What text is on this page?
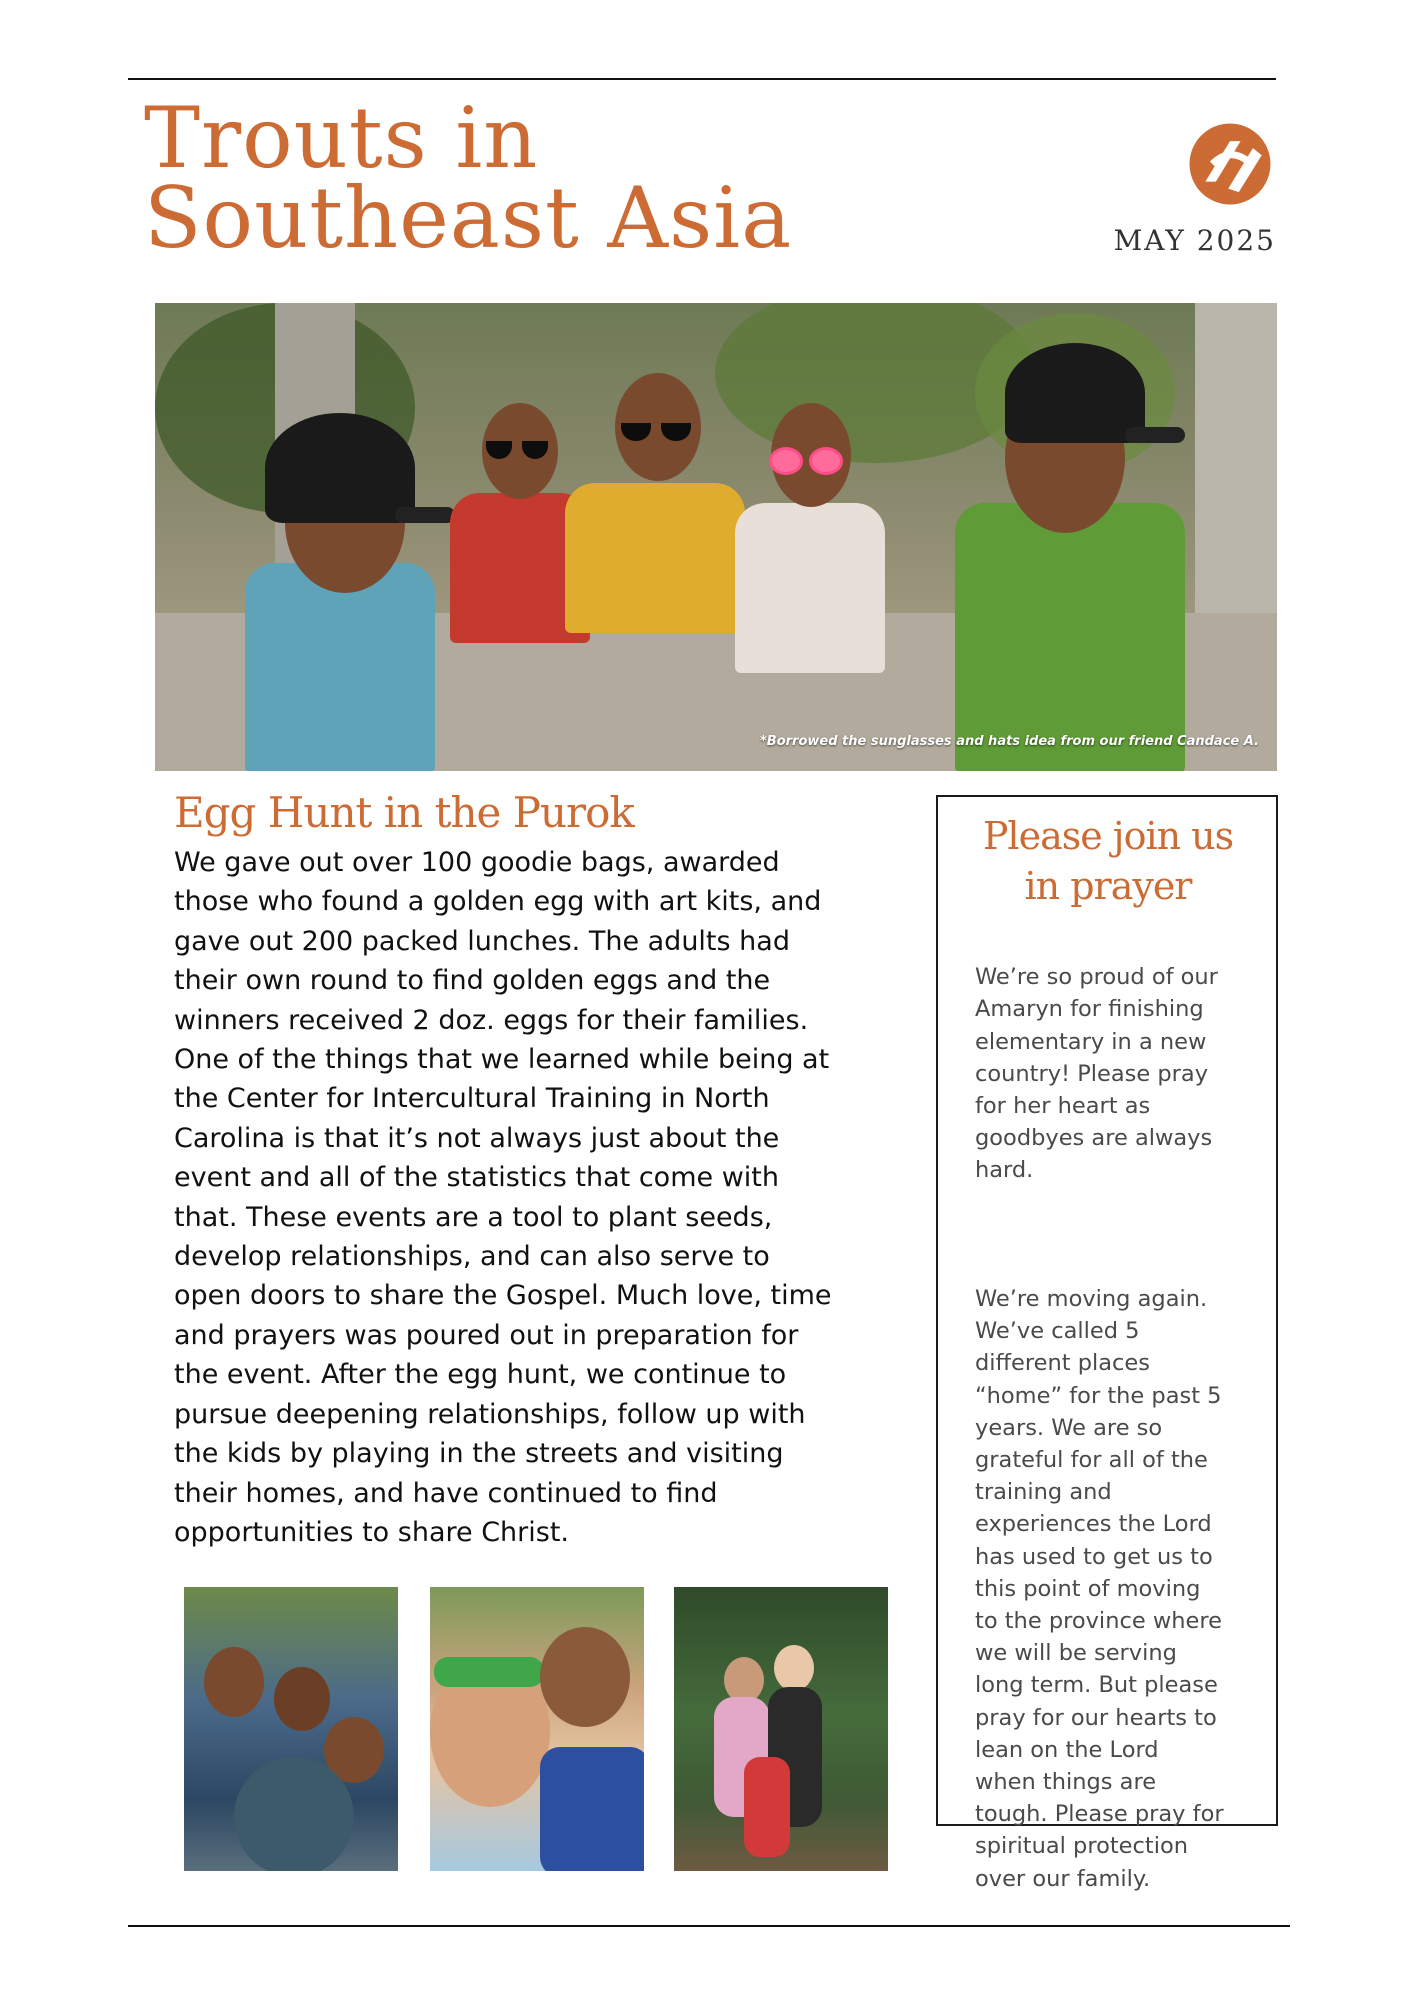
Trouts in
Southeast Asia	MAY 2025
*Borrowed the sunglasses and hats idea from our friend Candace A.
Egg Hunt in the Purok
We gave out over 100 goodie bags, awarded
those who found a golden egg with art kits, and
gave out 200 packed lunches. The adults had
their own round to find golden eggs and the
winners received 2 doz. eggs for their families.
One of the things that we learned while being at
the Center for Intercultural Training in North
Carolina is that it’s not always just about the
event and all of the statistics that come with
that. These events are a tool to plant seeds,
develop relationships, and can also serve to
open doors to share the Gospel. Much love, time
and prayers was poured out in preparation for
the event. After the egg hunt, we continue to
pursue deepening relationships, follow up with
the kids by playing in the streets and visiting
their homes, and have continued to find
opportunities to share Christ.
Please join us
in prayer

We’re so proud of our
Amaryn for finishing
elementary in a new
country! Please pray
for her heart as
goodbyes are always
hard.

We’re moving again.
We’ve called 5
different places
“home” for the past 5
years. We are so
grateful for all of the
training and
experiences the Lord
has used to get us to
this point of moving
to the province where
we will be serving
long term. But please
pray for our hearts to
lean on the Lord
when things are
tough. Please pray for
spiritual protection
over our family.
